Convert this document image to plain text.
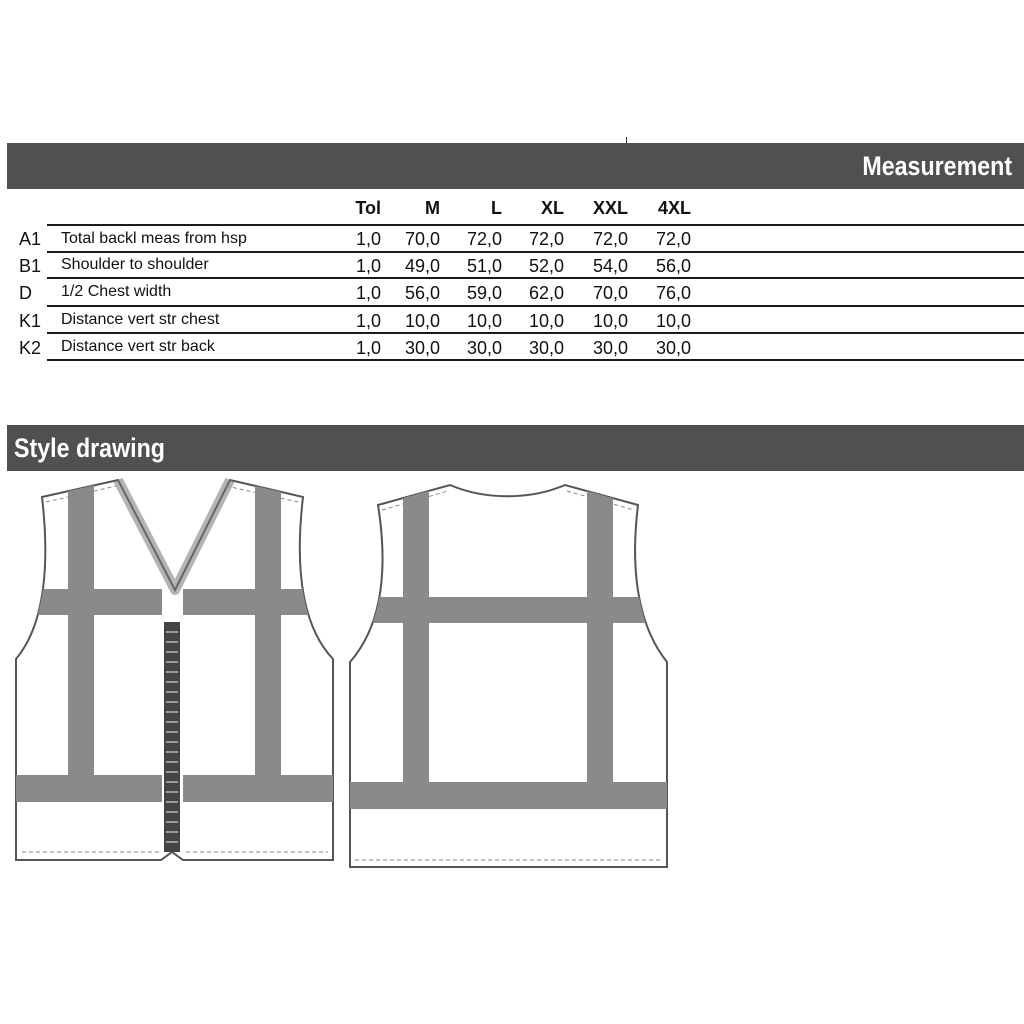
Measurement
Tol	M	L	XL	XXL	4XL
A1 Total backl meas from hsp	1,0	70,0	72,0	72,0	72,0	72,0
B1 Shoulder to shoulder	1,0	49,0	51,0	52,0	54,0	56,0
D 1/2 Chest width	1,0	56,0	59,0	62,0	70,0	76,0
K1 Distance vert str chest	1,0	10,0	10,0	10,0	10,0	10,0
K2 Distance vert str back	1,0	30,0	30,0	30,0	30,0	30,0
Style drawing
